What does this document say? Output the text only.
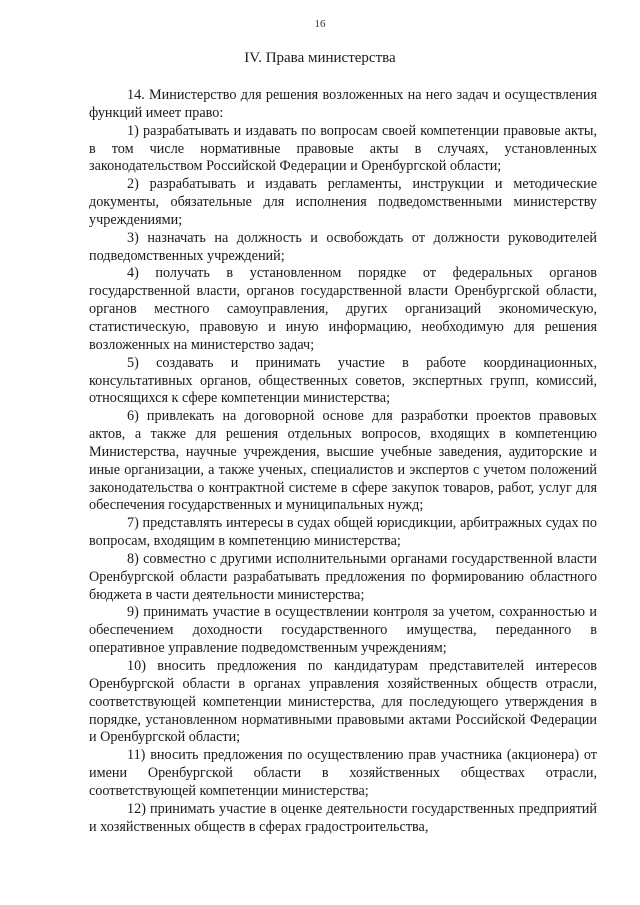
16
IV. Права министерства

14. Министерство для решения возложенных на него задач и осуществления функций имеет право:

1) разрабатывать и издавать по вопросам своей компетенции правовые акты, в том числе нормативные правовые акты в случаях, установленных законодательством Российской Федерации и Оренбургской области;

2) разрабатывать и издавать регламенты, инструкции и методические документы, обязательные для исполнения подведомственными министерству учреждениями;

3) назначать на должность и освобождать от должности руководителей подведомственных учреждений;

4) получать в установленном порядке от федеральных органов государственной власти, органов государственной власти Оренбургской области, органов местного самоуправления, других организаций экономическую, статистическую, правовую и иную информацию, необходимую для решения возложенных на министерство задач;

5) создавать и принимать участие в работе координационных, консультативных органов, общественных советов, экспертных групп, комиссий, относящихся к сфере компетенции министерства;

6) привлекать на договорной основе для разработки проектов правовых актов, а также для решения отдельных вопросов, входящих в компетенцию Министерства, научные учреждения, высшие учебные заведения, аудиторские и иные организации, а также ученых, специалистов и экспертов с учетом положений законодательства о контрактной системе в сфере закупок товаров, работ, услуг для обеспечения государственных и муниципальных нужд;

7) представлять интересы в судах общей юрисдикции, арбитражных судах по вопросам, входящим в компетенцию министерства;

8) совместно с другими исполнительными органами государственной власти Оренбургской области разрабатывать предложения по формированию областного бюджета в части деятельности министерства;

9) принимать участие в осуществлении контроля за учетом, сохранностью и обеспечением доходности государственного имущества, переданного в оперативное управление подведомственным учреждениям;

10) вносить предложения по кандидатурам представителей интересов Оренбургской области в органах управления хозяйственных обществ отрасли, соответствующей компетенции министерства, для последующего утверждения в порядке, установленном нормативными правовыми актами Российской Федерации и Оренбургской области;

11) вносить предложения по осуществлению прав участника (акционера) от имени Оренбургской области в хозяйственных обществах отрасли, соответствующей компетенции министерства;

12) принимать участие в оценке деятельности государственных предприятий и хозяйственных обществ в сферах градостроительства,
